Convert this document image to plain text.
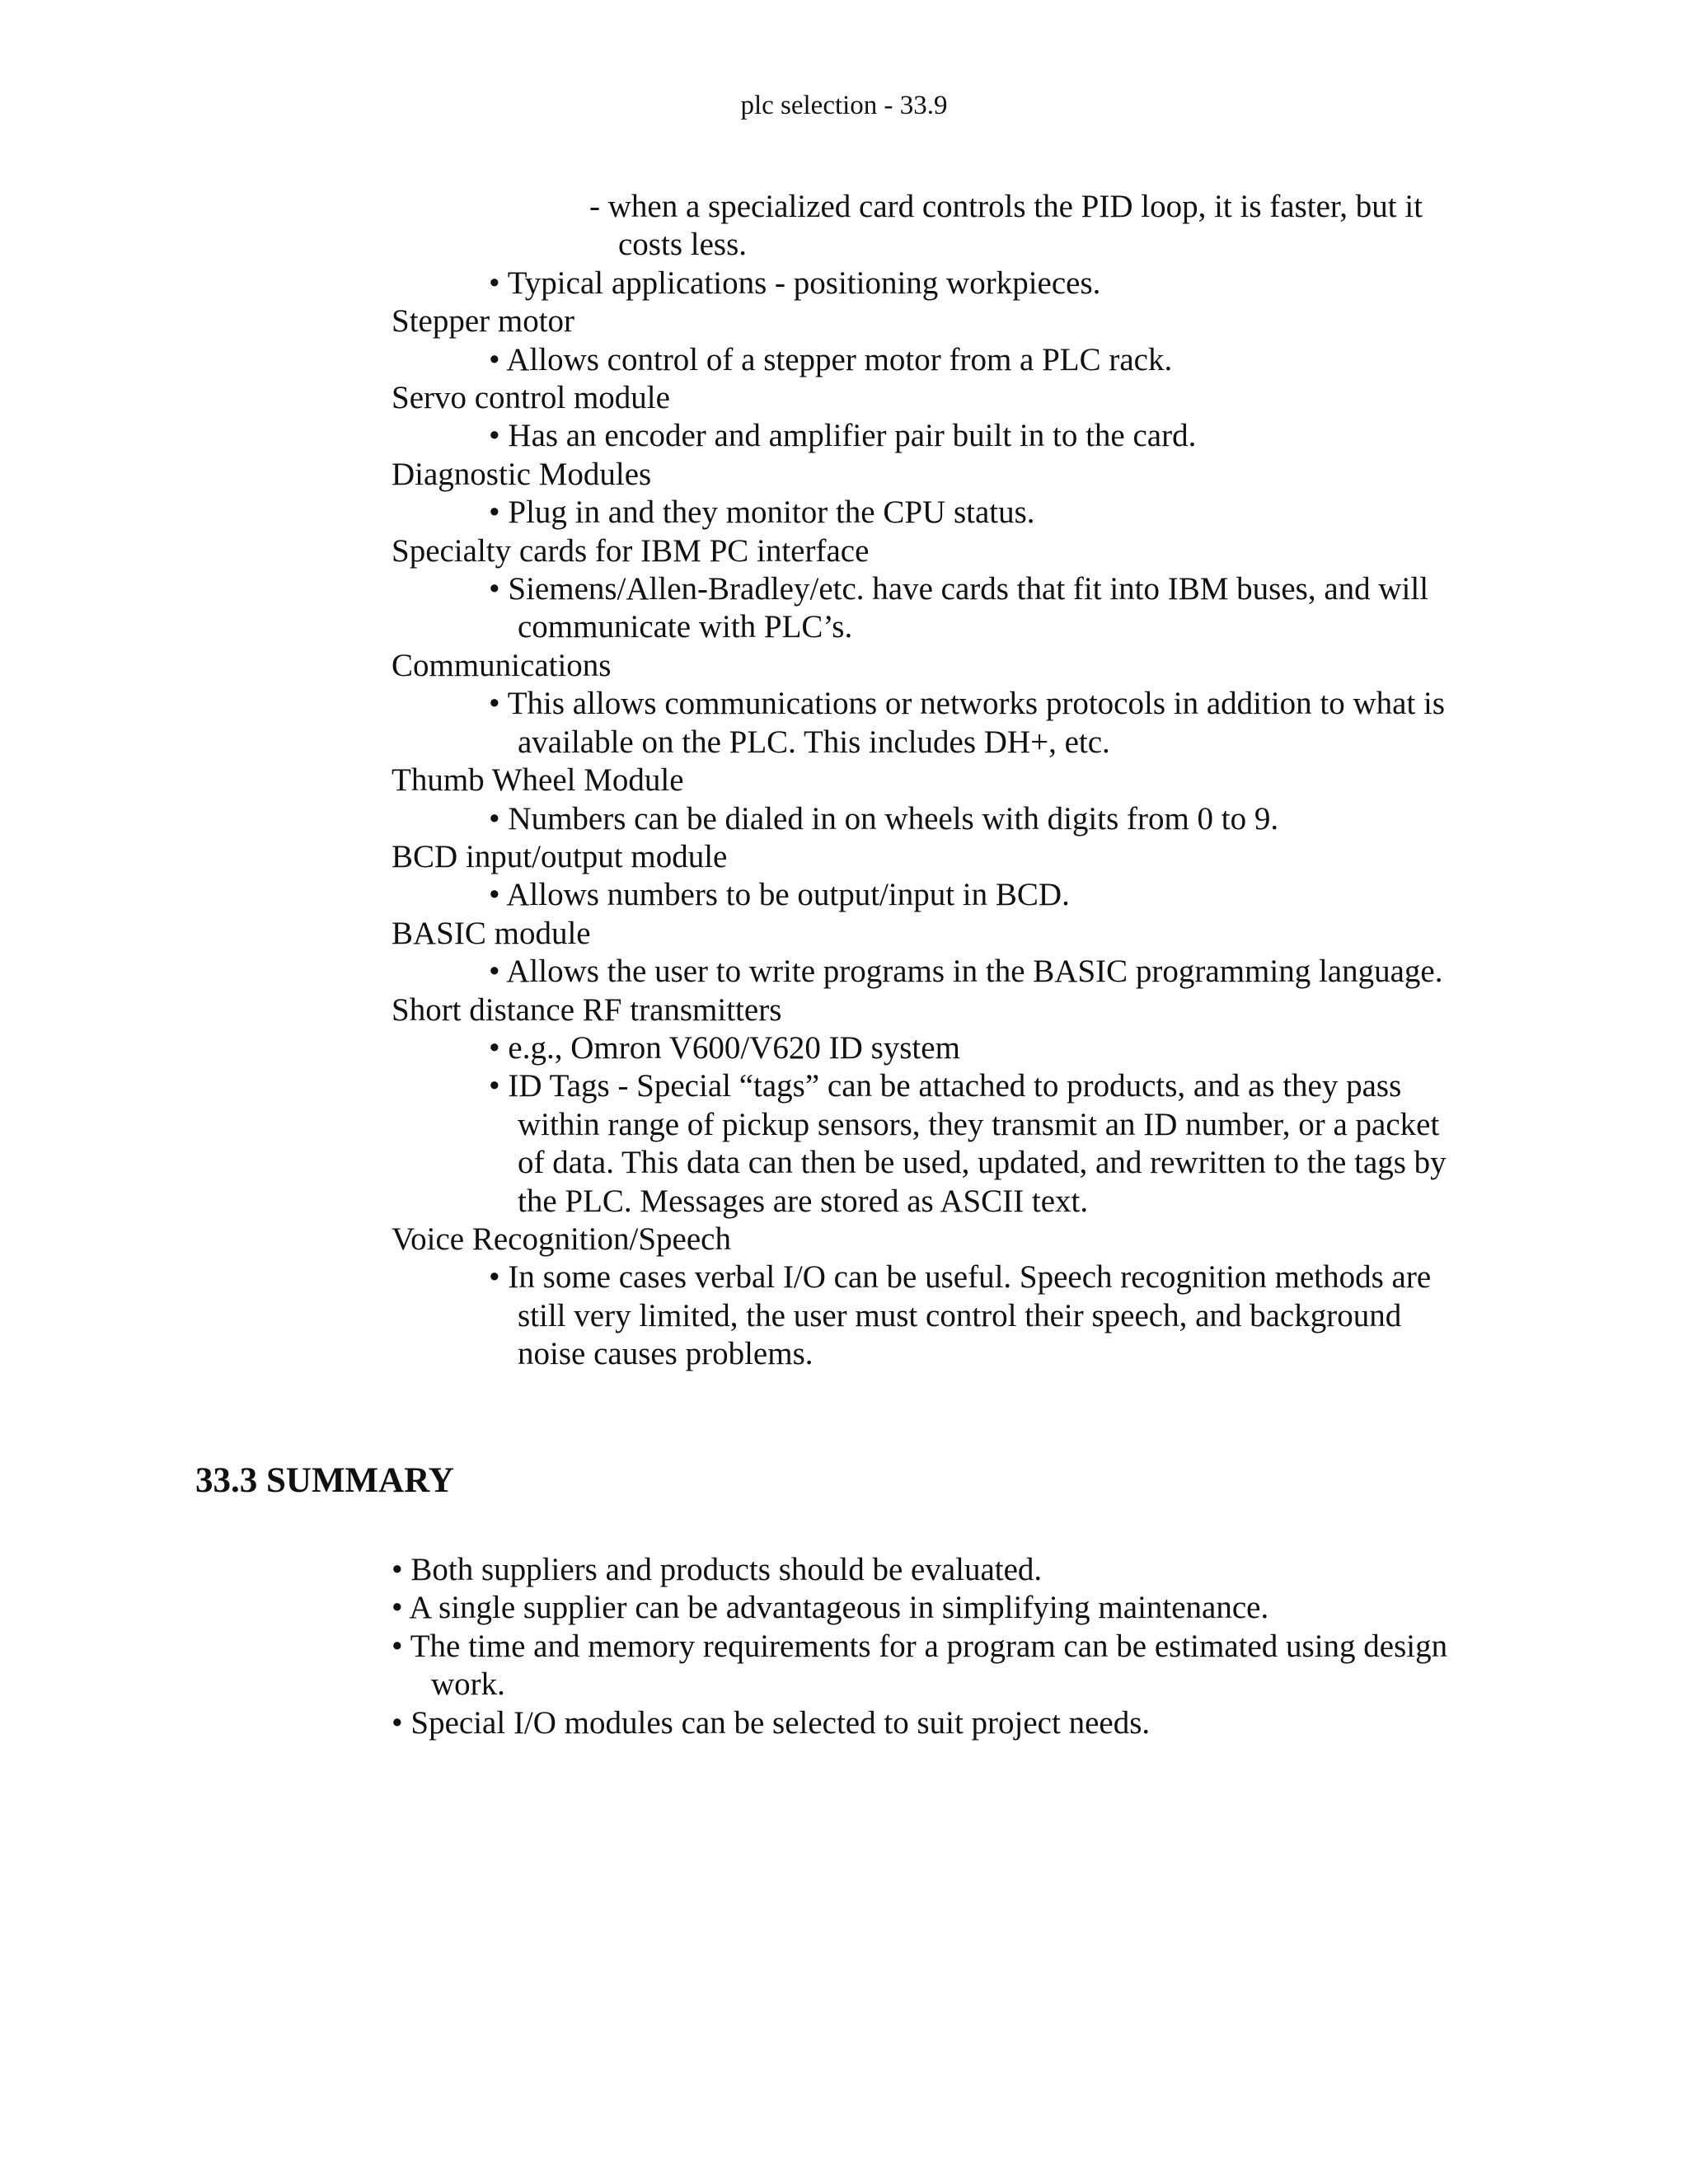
plc selection - 33.9
- when a specialized card controls the PID loop, it is faster, but it
costs less.
• Typical applications - positioning workpieces.
Stepper motor
• Allows control of a stepper motor from a PLC rack.
Servo control module
• Has an encoder and amplifier pair built in to the card.
Diagnostic Modules
• Plug in and they monitor the CPU status.
Specialty cards for IBM PC interface
• Siemens/Allen-Bradley/etc. have cards that fit into IBM buses, and will
communicate with PLC’s.
Communications
• This allows communications or networks protocols in addition to what is
available on the PLC. This includes DH+, etc.
Thumb Wheel Module
• Numbers can be dialed in on wheels with digits from 0 to 9.
BCD input/output module
• Allows numbers to be output/input in BCD.
BASIC module
• Allows the user to write programs in the BASIC programming language.
Short distance RF transmitters
• e.g., Omron V600/V620 ID system
• ID Tags - Special “tags” can be attached to products, and as they pass
within range of pickup sensors, they transmit an ID number, or a packet
of data. This data can then be used, updated, and rewritten to the tags by
the PLC. Messages are stored as ASCII text.
Voice Recognition/Speech
• In some cases verbal I/O can be useful. Speech recognition methods are
still very limited, the user must control their speech, and background
noise causes problems.
33.3 SUMMARY
• Both suppliers and products should be evaluated.
• A single supplier can be advantageous in simplifying maintenance.
• The time and memory requirements for a program can be estimated using design
work.
• Special I/O modules can be selected to suit project needs.
